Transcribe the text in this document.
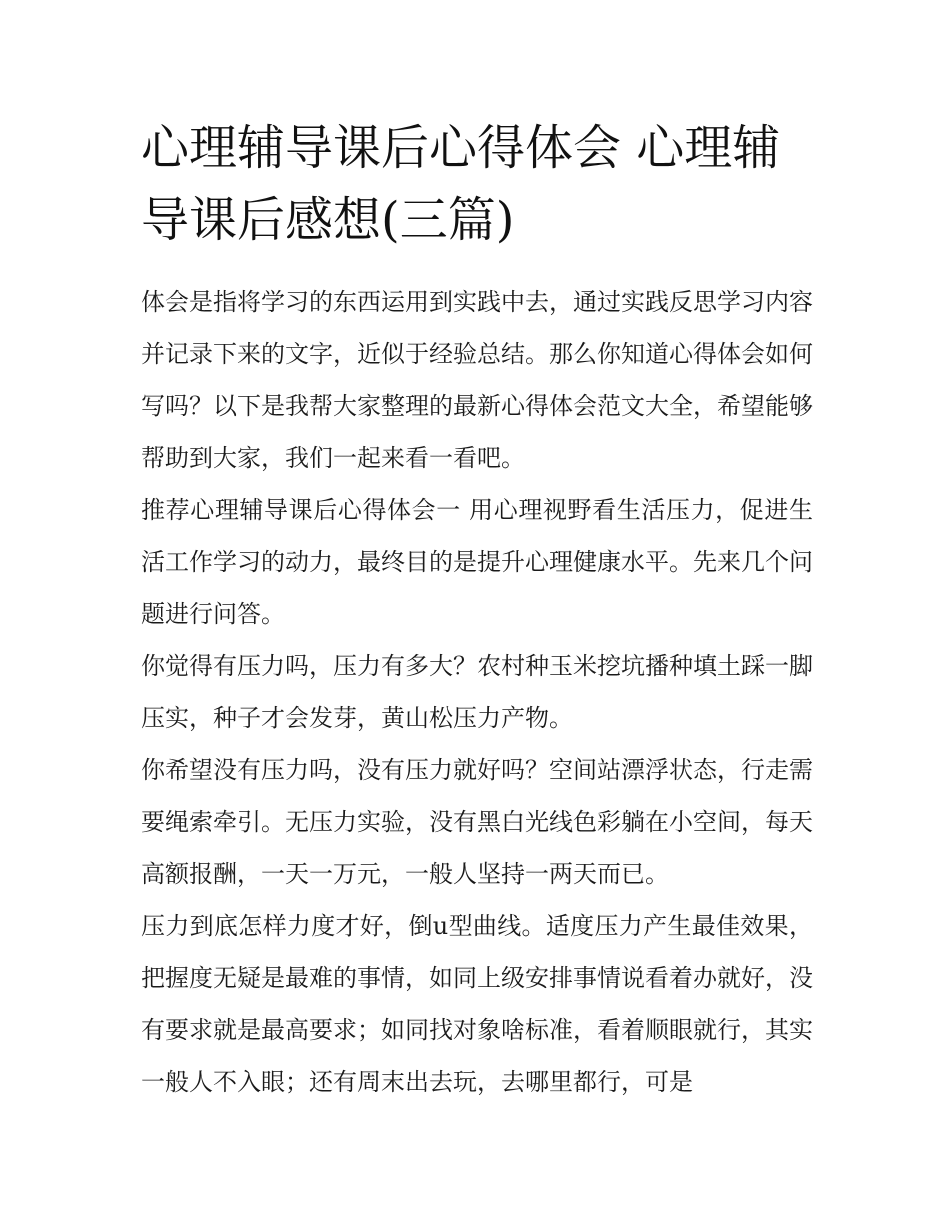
心理辅导课后心得体会 心理辅导课后感想(三篇)

体会是指将学习的东西运用到实践中去，通过实践反思学习内容并记录下来的文字，近似于经验总结。那么你知道心得体会如何写吗？以下是我帮大家整理的最新心得体会范文大全，希望能够帮助到大家，我们一起来看一看吧。

推荐心理辅导课后心得体会一 用心理视野看生活压力，促进生活工作学习的动力，最终目的是提升心理健康水平。先来几个问题进行问答。

你觉得有压力吗，压力有多大？农村种玉米挖坑播种填土踩一脚压实，种子才会发芽，黄山松压力产物。

你希望没有压力吗，没有压力就好吗？空间站漂浮状态，行走需要绳索牵引。无压力实验，没有黑白光线色彩躺在小空间，每天高额报酬，一天一万元，一般人坚持一两天而已。

压力到底怎样力度才好，倒u型曲线。适度压力产生最佳效果，把握度无疑是最难的事情，如同上级安排事情说看着办就好，没有要求就是最高要求；如同找对象啥标准，看着顺眼就行，其实一般人不入眼；还有周末出去玩，去哪里都行，可是
